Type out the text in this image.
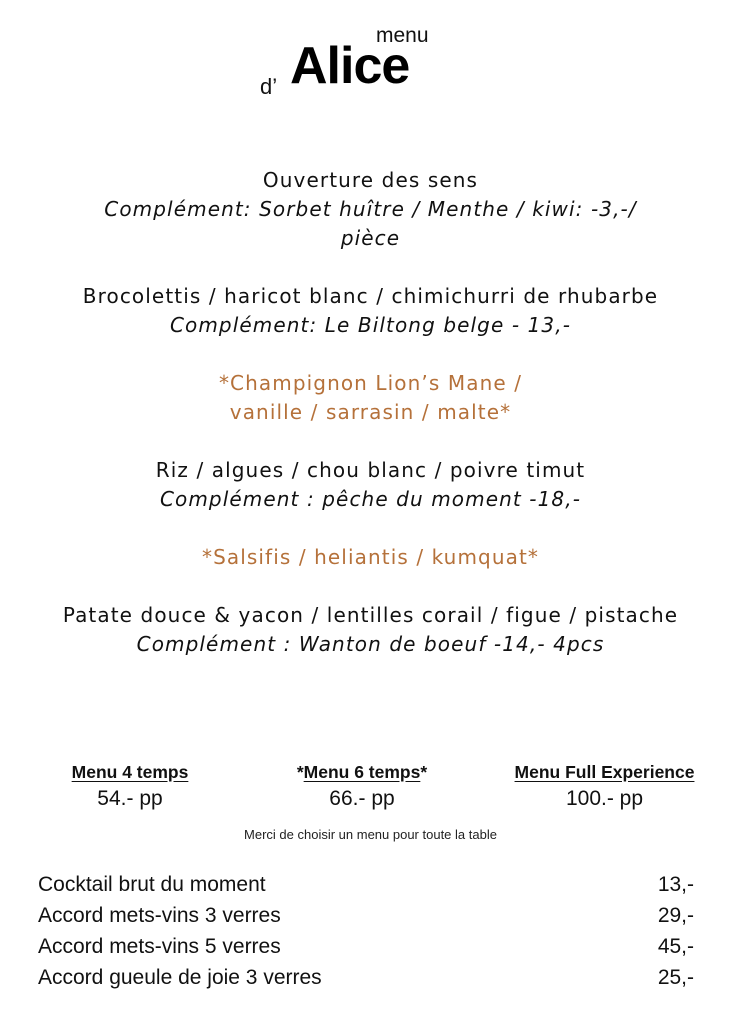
menu
d’ Alice
Ouverture des sens
Complément: Sorbet huître / Menthe / kiwi: -3,-/ pièce
Brocolettis / haricot blanc / chimichurri de rhubarbe
Complément: Le Biltong belge - 13,-
*Champignon Lion’s Mane / vanille / sarrasin / malte*
Riz / algues / chou blanc / poivre timut
Complément : pêche du moment -18,-
*Salsifis / heliantis / kumquat*
Patate douce & yacon / lentilles corail / figue / pistache
Complément : Wanton de boeuf -14,- 4pcs
Menu 4 temps
54.- pp
*Menu 6 temps*
66.- pp
Menu Full Experience
100.- pp
Merci de choisir un menu pour toute la table
Cocktail brut du moment	13,-
Accord mets-vins 3 verres	29,-
Accord mets-vins 5 verres	45,-
Accord gueule de joie 3 verres	25,-
